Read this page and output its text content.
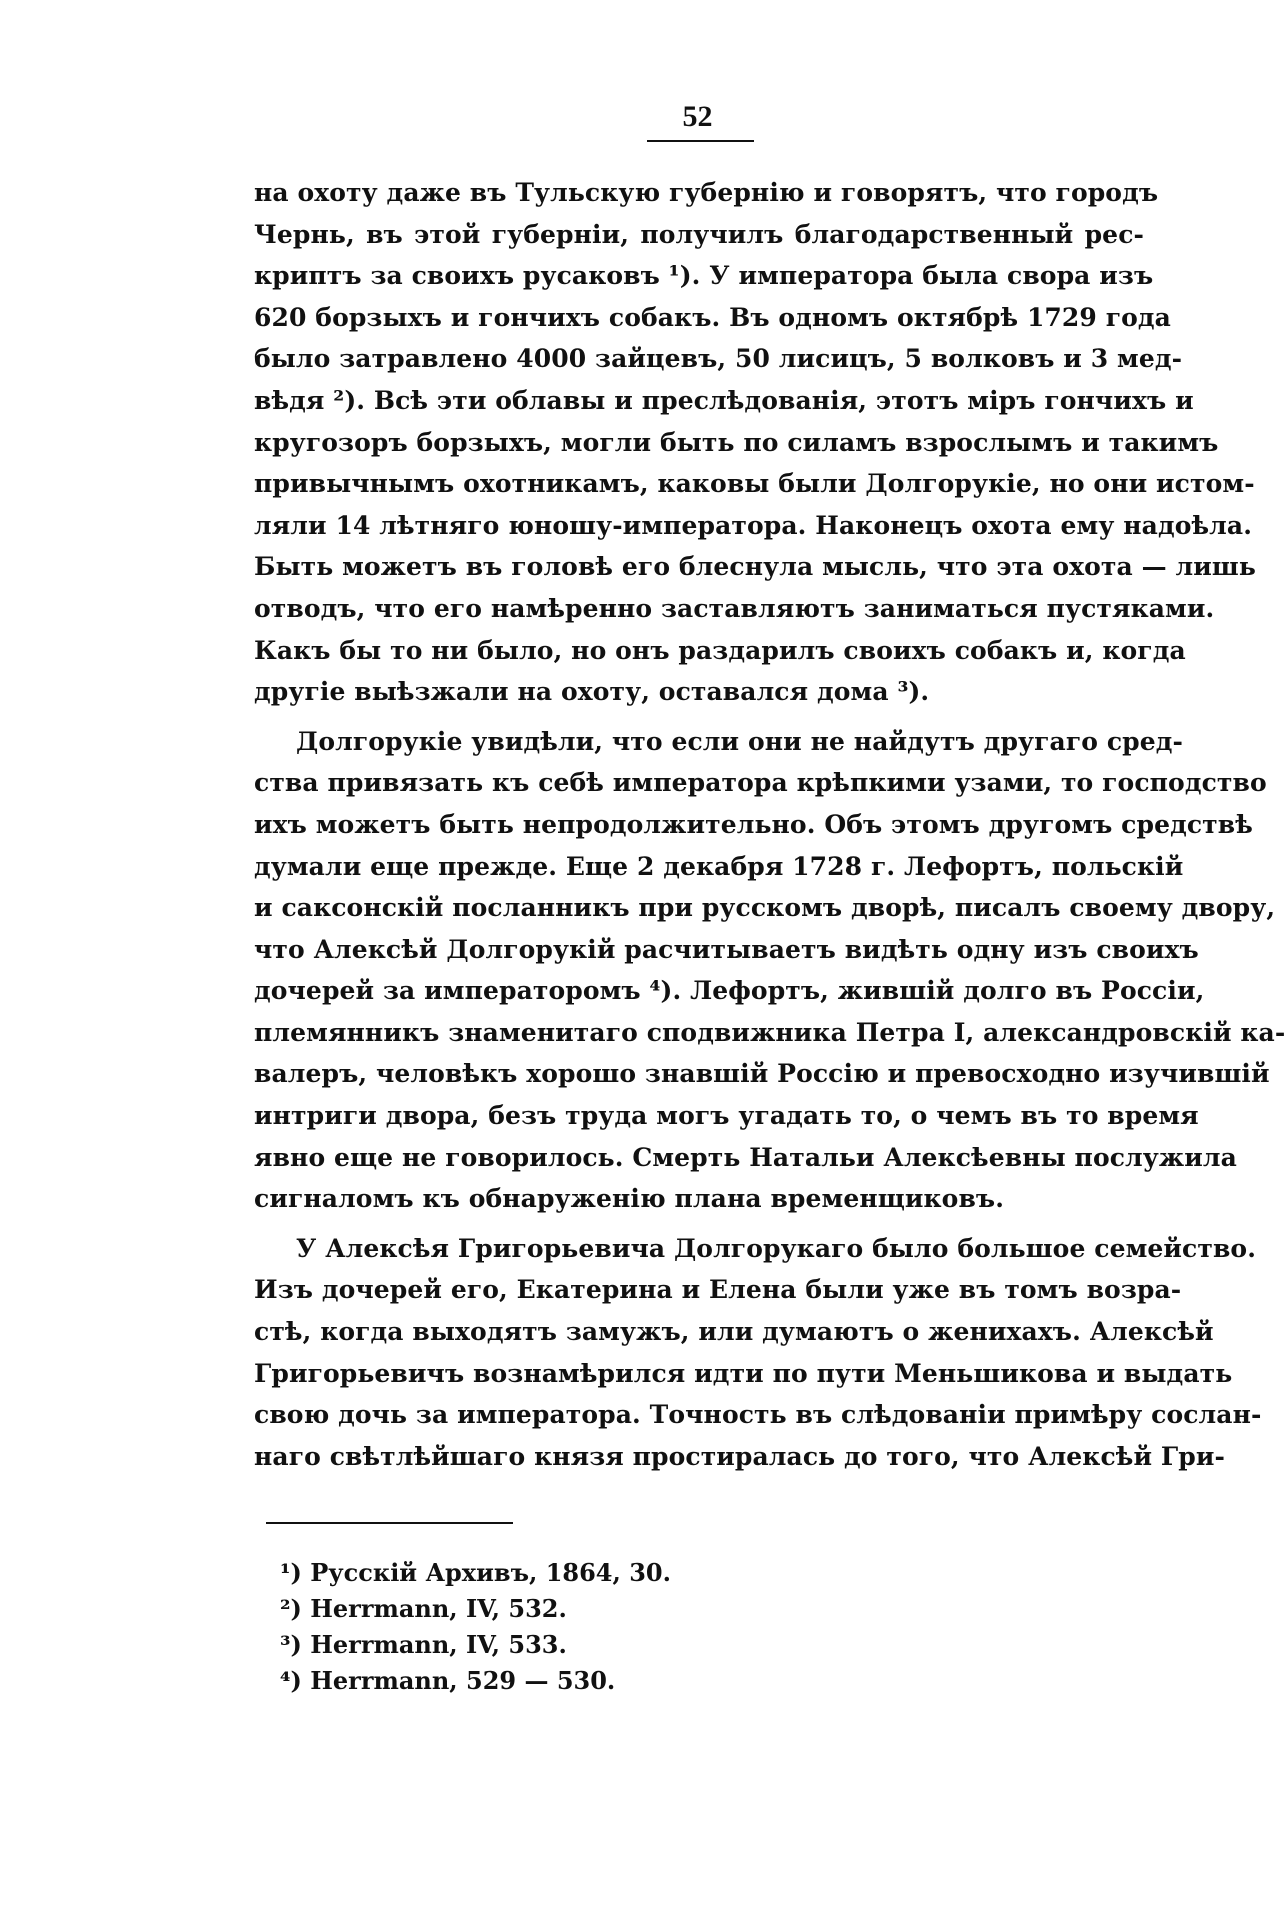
52
на охоту даже въ Тульскую губернію и говорятъ, что городъ
Чернь, въ этой губерніи, получилъ благодарственный рес-
криптъ за своихъ русаковъ ¹). У императора была свора изъ
620 борзыхъ и гончихъ собакъ. Въ одномъ октябрѣ 1729 года
было затравлено 4000 зайцевъ, 50 лисицъ, 5 волковъ и 3 мед-
вѣдя ²). Всѣ эти облавы и преслѣдованія, этотъ міръ гончихъ и
кругозоръ борзыхъ, могли быть по силамъ взрослымъ и такимъ
привычнымъ охотникамъ, каковы были Долгорукіе, но они истом-
ляли 14 лѣтняго юношу-императора. Наконецъ охота ему надоѣла.
Быть можетъ въ головѣ его блеснула мысль, что эта охота — лишь
отводъ, что его намѣренно заставляютъ заниматься пустяками.
Какъ бы то ни было, но онъ раздарилъ своихъ собакъ и, когда
другіе выѣзжали на охоту, оставался дома ³).
Долгорукіе увидѣли, что если они не найдутъ другаго сред-
ства привязать къ себѣ императора крѣпкими узами, то господство
ихъ можетъ быть непродолжительно. Объ этомъ другомъ средствѣ
думали еще прежде. Еще 2 декабря 1728 г. Лефортъ, польскій
и саксонскій посланникъ при русскомъ дворѣ, писалъ своему двору,
что Алексѣй Долгорукій расчитываетъ видѣть одну изъ своихъ
дочерей за императоромъ ⁴). Лефортъ, жившій долго въ Россіи,
племянникъ знаменитаго сподвижника Петра I, александровскій ка-
валеръ, человѣкъ хорошо знавшій Россію и превосходно изучившій
интриги двора, безъ труда могъ угадать то, о чемъ въ то время
явно еще не говорилось. Смерть Натальи Алексѣевны послужила
сигналомъ къ обнаруженію плана временщиковъ.
У Алексѣя Григорьевича Долгорукаго было большое семейство.
Изъ дочерей его, Екатерина и Елена были уже въ томъ возра-
стѣ, когда выходятъ замужъ, или думаютъ о женихахъ. Алексѣй
Григорьевичъ вознамѣрился идти по пути Меньшикова и выдать
свою дочь за императора. Точность въ слѣдованіи примѣру сослан-
наго свѣтлѣйшаго князя простиралась до того, что Алексѣй Гри-
¹) Русскій Архивъ, 1864, 30.
²) Herrmann, IV, 532.
³) Herrmann, IV, 533.
⁴) Herrmann, 529 — 530.
